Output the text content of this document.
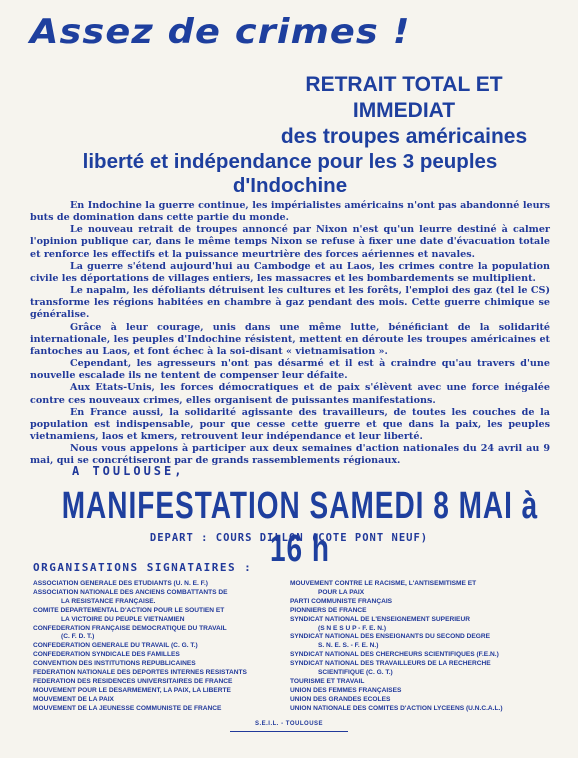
Assez de crimes !
RETRAIT TOTAL ET IMMEDIAT
des troupes américaines
liberté et indépendance pour les 3 peuples d'Indochine

En Indochine la guerre continue, les impérialistes américains n'ont pas abandonné leurs buts de domination dans cette partie du monde.

Le nouveau retrait de troupes annoncé par Nixon n'est qu'un leurre destiné à calmer l'opinion publique car, dans le même temps Nixon se refuse à fixer une date d'évacuation totale et renforce les effectifs et la puissance meurtrière des forces aériennes et navales.

La guerre s'étend aujourd'hui au Cambodge et au Laos, les crimes contre la population civile les déportations de villages entiers, les massacres et les bombardements se multiplient.

Le napalm, les défoliants détruisent les cultures et les forêts, l'emploi des gaz (tel le CS) transforme les régions habitées en chambre à gaz pendant des mois. Cette guerre chimique se généralise.

Grâce à leur courage, unis dans une même lutte, bénéficiant de la solidarité internationale, les peuples d'Indochine résistent, mettent en déroute les troupes américaines et fantoches au Laos, et font échec à la soi-disant « vietnamisation ».

Cependant, les agresseurs n'ont pas désarmé et il est à craindre qu'au travers d'une nouvelle escalade ils ne tentent de compenser leur défaite.

Aux Etats-Unis, les forces démocratiques et de paix s'élèvent avec une force inégalée contre ces nouveaux crimes, elles organisent de puissantes manifestations.

En France aussi, la solidarité agissante des travailleurs, de toutes les couches de la population est indispensable, pour que cesse cette guerre et que dans la paix, les peuples vietnamiens, laos et kmers, retrouvent leur indépendance et leur liberté.

Nous vous appelons à participer aux deux semaines d'action nationales du 24 avril au 9 mai, qui se concrétiseront par de grands rassemblements régionaux.

A TOULOUSE,
MANIFESTATION SAMEDI 8 MAI à 16 h
DEPART : COURS DILLON (COTE PONT NEUF)
ORGANISATIONS SIGNATAIRES :
ASSOCIATION GENERALE DES ETUDIANTS (U. N. E. F.)
ASSOCIATION NATIONALE DES ANCIENS COMBATTANTS DE
LA RESISTANCE FRANÇAISE.
COMITE DEPARTEMENTAL D'ACTION POUR LE SOUTIEN ET
LA VICTOIRE DU PEUPLE VIETNAMIEN
CONFEDERATION FRANÇAISE DEMOCRATIQUE DU TRAVAIL
(C. F. D. T.)
CONFEDERATION GENERALE DU TRAVAIL (C. G. T.)
CONFEDERATION SYNDICALE DES FAMILLES
CONVENTION DES INSTITUTIONS REPUBLICAINES
FEDERATION NATIONALE DES DEPORTES INTERNES RESISTANTS
FEDERATION DES RESIDENCES UNIVERSITAIRES DE FRANCE
MOUVEMENT POUR LE DESARMEMENT, LA PAIX, LA LIBERTE
MOUVEMENT DE LA PAIX
MOUVEMENT DE LA JEUNESSE COMMUNISTE DE FRANCE
MOUVEMENT CONTRE LE RACISME, L'ANTISEMITISME ET
POUR LA PAIX
PARTI COMMUNISTE FRANÇAIS
PIONNIERS DE FRANCE
SYNDICAT NATIONAL DE L'ENSEIGNEMENT SUPERIEUR
(S N E S U P - F. E. N.)
SYNDICAT NATIONAL DES ENSEIGNANTS DU SECOND DEGRE
S. N. E. S. - F. E. N.)
SYNDICAT NATIONAL DES CHERCHEURS SCIENTIFIQUES (F.E.N.)
SYNDICAT NATIONAL DES TRAVAILLEURS DE LA RECHERCHE
SCIENTIFIQUE (C. G. T.)
TOURISME ET TRAVAIL
UNION DES FEMMES FRANÇAISES
UNION DES GRANDES ECOLES
UNION NATIONALE DES COMITES D'ACTION LYCEENS (U.N.C.A.L.)
S.E.I.L. - TOULOUSE
